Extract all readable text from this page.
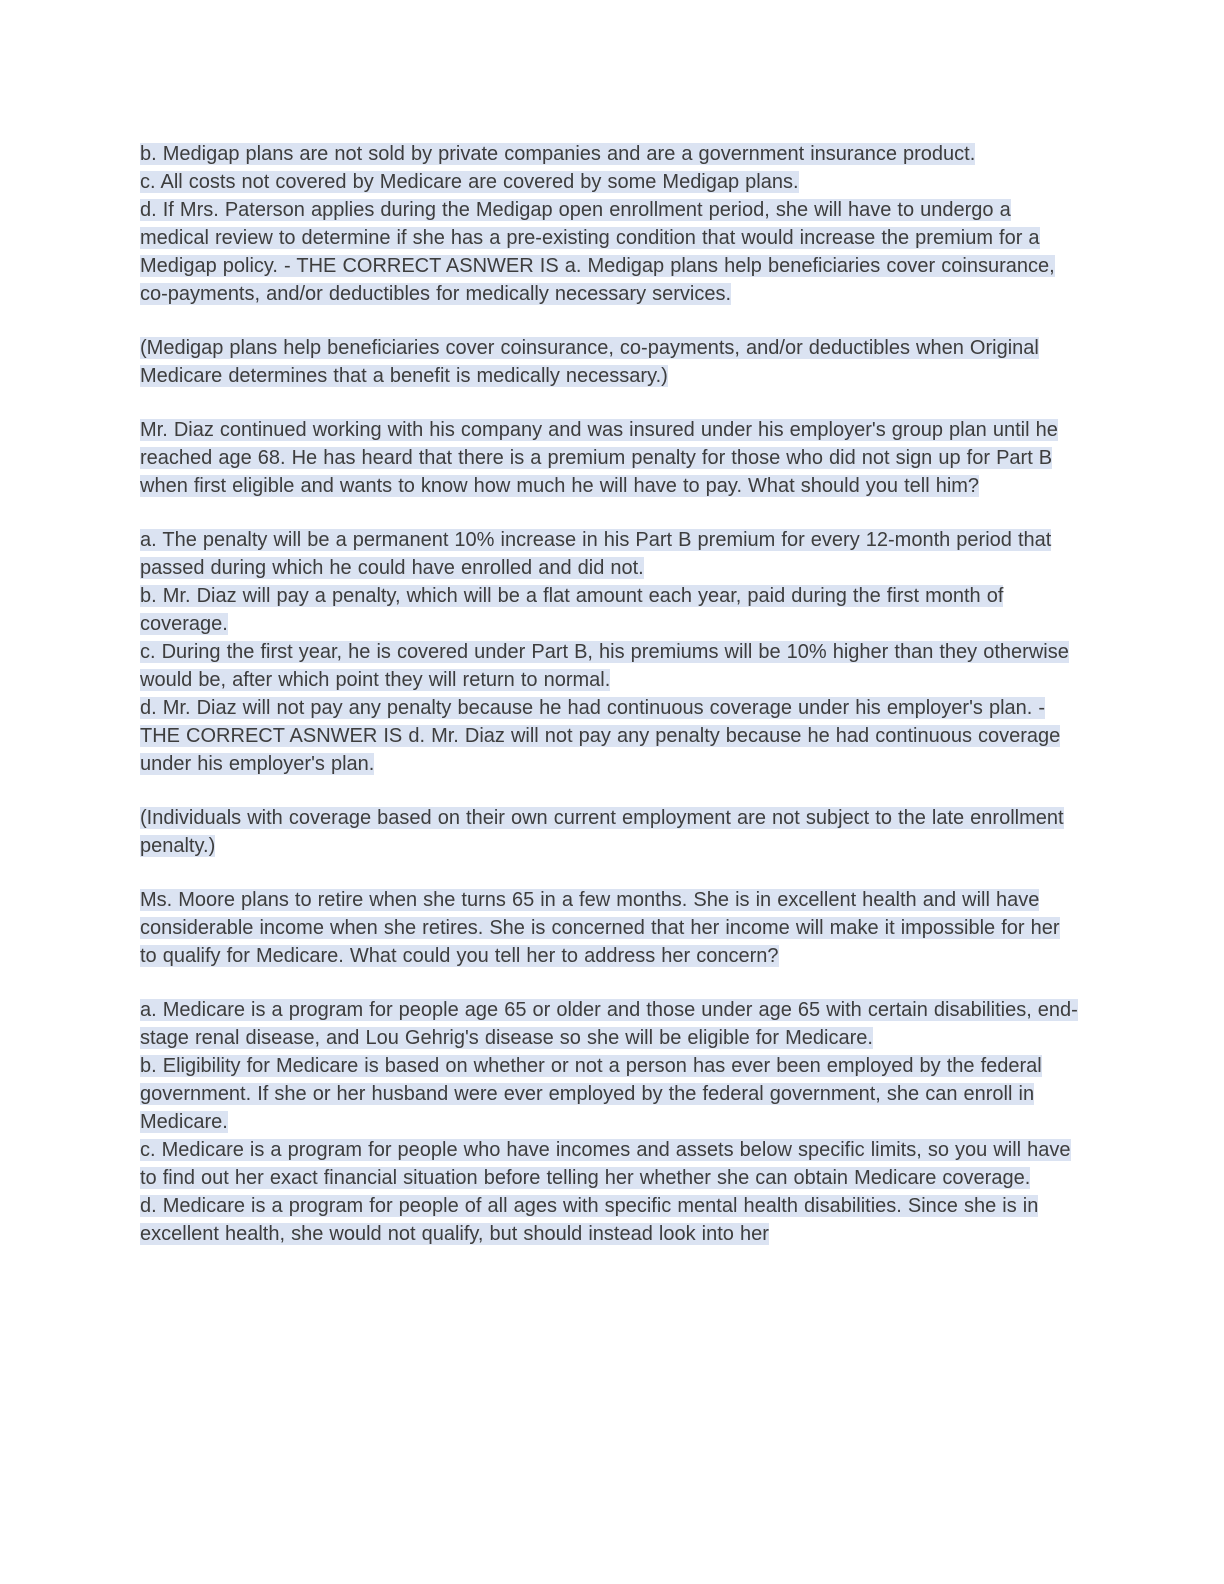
b. Medigap plans are not sold by private companies and are a government insurance product.

c. All costs not covered by Medicare are covered by some Medigap plans.

d. If Mrs. Paterson applies during the Medigap open enrollment period, she will have to undergo a medical review to determine if she has a pre-existing condition that would increase the premium for a Medigap policy. - THE CORRECT ASNWER IS a. Medigap plans help beneficiaries cover coinsurance, co-payments, and/or deductibles for medically necessary services.

(Medigap plans help beneficiaries cover coinsurance, co-payments, and/or deductibles when Original Medicare determines that a benefit is medically necessary.)

Mr. Diaz continued working with his company and was insured under his employer's group plan until he reached age 68. He has heard that there is a premium penalty for those who did not sign up for Part B when first eligible and wants to know how much he will have to pay. What should you tell him?

a. The penalty will be a permanent 10% increase in his Part B premium for every 12-month period that passed during which he could have enrolled and did not.

b. Mr. Diaz will pay a penalty, which will be a flat amount each year, paid during the first month of coverage.

c. During the first year, he is covered under Part B, his premiums will be 10% higher than they otherwise would be, after which point they will return to normal.

d. Mr. Diaz will not pay any penalty because he had continuous coverage under his employer's plan. - THE CORRECT ASNWER IS d. Mr. Diaz will not pay any penalty because he had continuous coverage under his employer's plan.

(Individuals with coverage based on their own current employment are not subject to the late enrollment penalty.)

Ms. Moore plans to retire when she turns 65 in a few months. She is in excellent health and will have considerable income when she retires. She is concerned that her income will make it impossible for her to qualify for Medicare. What could you tell her to address her concern?

a. Medicare is a program for people age 65 or older and those under age 65 with certain disabilities, end-stage renal disease, and Lou Gehrig's disease so she will be eligible for Medicare.

b. Eligibility for Medicare is based on whether or not a person has ever been employed by the federal government. If she or her husband were ever employed by the federal government, she can enroll in Medicare.

c. Medicare is a program for people who have incomes and assets below specific limits, so you will have to find out her exact financial situation before telling her whether she can obtain Medicare coverage.

d. Medicare is a program for people of all ages with specific mental health disabilities. Since she is in excellent health, she would not qualify, but should instead look into her
